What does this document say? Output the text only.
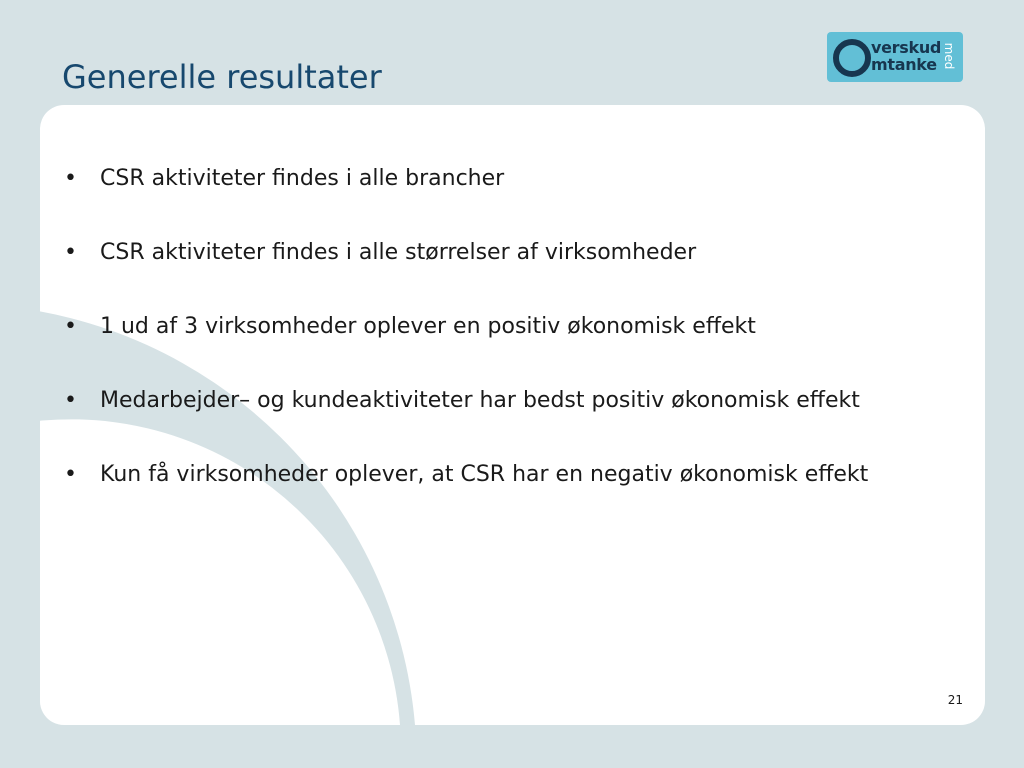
Generelle resultater
verskud
mtanke med
• CSR aktiviteter findes i alle brancher
• CSR aktiviteter findes i alle størrelser af virksomheder
• 1 ud af 3 virksomheder oplever en positiv økonomisk effekt
• Medarbejder– og kundeaktiviteter har bedst positiv økonomisk effekt
• Kun få virksomheder oplever, at CSR har en negativ økonomisk effekt
21
